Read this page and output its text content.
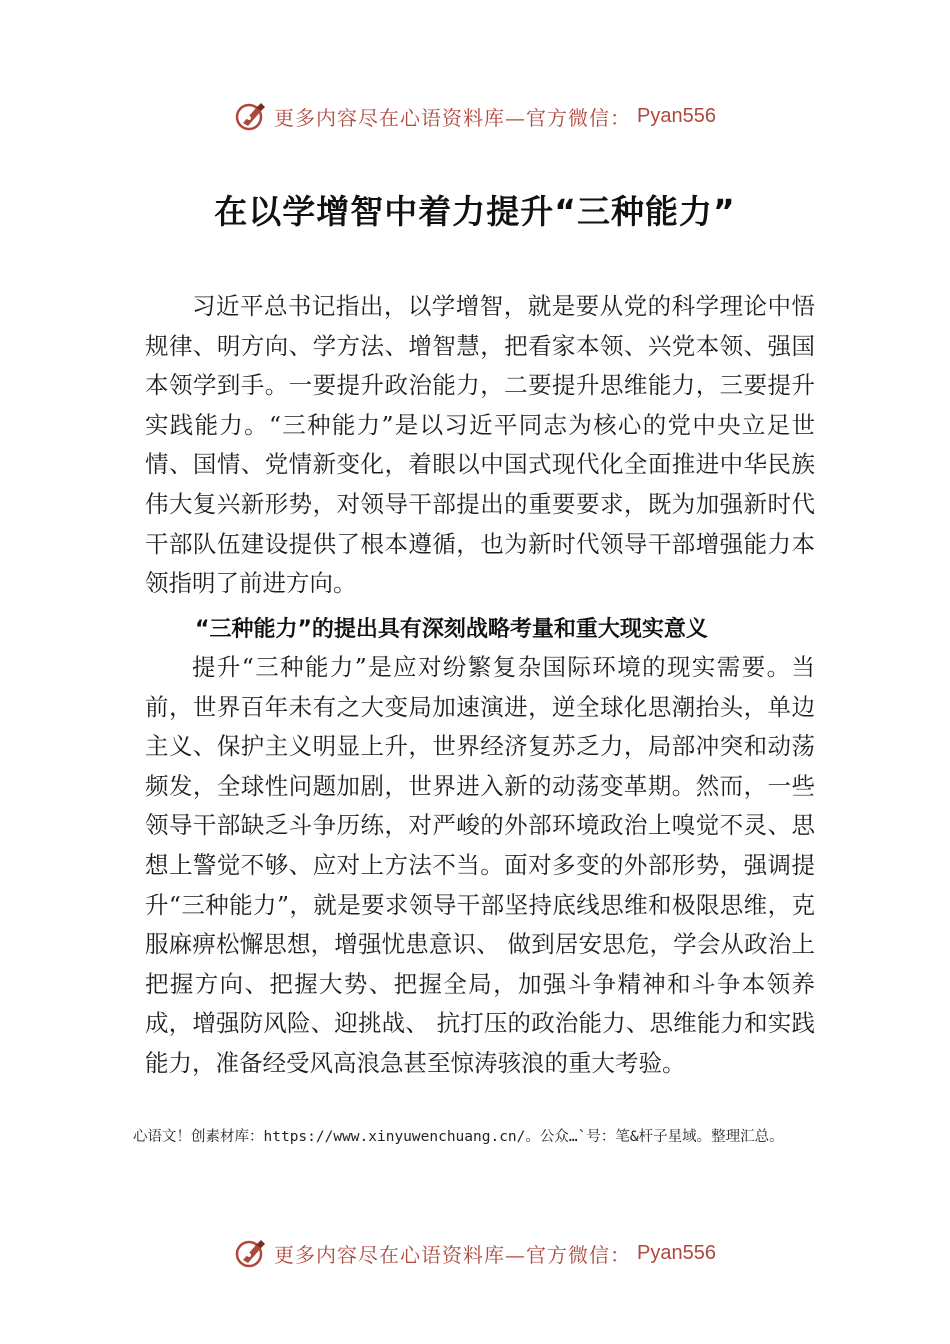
更多内容尽在心语资料库—官方微信： Pyan556
在以学增智中着力提升“三种能力”

习近平总书记指出，以学增智，就是要从党的科学理论中悟规律、明方向、学方法、增智慧，把看家本领、兴党本领、强国本领学到手。一要提升政治能力，二要提升思维能力，三要提升实践能力。“三种能力”是以习近平同志为核心的党中央立足世情、国情、党情新变化，着眼以中国式现代化全面推进中华民族伟大复兴新形势，对领导干部提出的重要要求，既为加强新时代干部队伍建设提供了根本遵循，也为新时代领导干部增强能力本领指明了前进方向。

“三种能力”的提出具有深刻战略考量和重大现实意义

提升“三种能力”是应对纷繁复杂国际环境的现实需要。当前，世界百年未有之大变局加速演进，逆全球化思潮抬头，单边主义、保护主义明显上升，世界经济复苏乏力，局部冲突和动荡频发，全球性问题加剧，世界进入新的动荡变革期。然而，一些领导干部缺乏斗争历练，对严峻的外部环境政治上嗅觉不灵、思想上警觉不够、应对上方法不当。面对多变的外部形势，强调提升“三种能力”，就是要求领导干部坚持底线思维和极限思维，克服麻痹松懈思想，增强忧患意识、 做到居安思危，学会从政治上把握方向、把握大势、把握全局，加强斗争精神和斗争本领养成，增强防风险、迎挑战、 抗打压的政治能力、思维能力和实践能力，准备经受风高浪急甚至惊涛骇浪的重大考验。

心语文！创素材库：https://www.xinyuwenchuang.cn/。公众…`号：笔&杆子星域。整理汇总。

更多内容尽在心语资料库—官方微信： Pyan556
